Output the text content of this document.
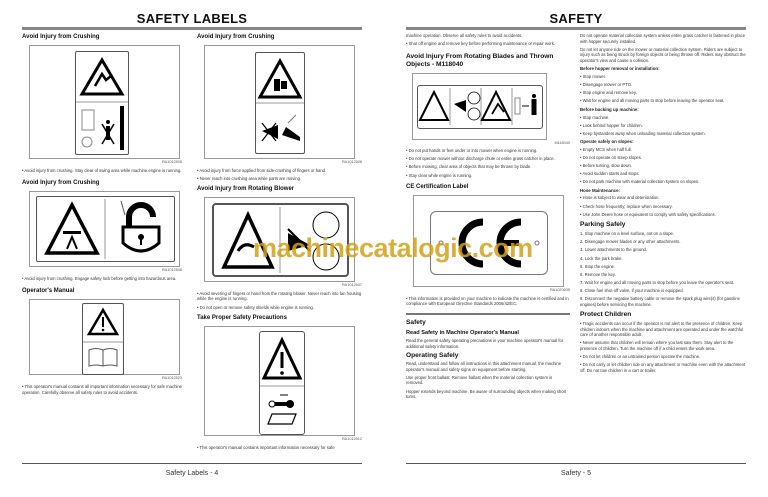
SAFETY LABELS
Avoid Injury from Crushing
RA1012505

• Avoid injury from crushing. Stay clear of swing area while machine engine is running.

Avoid Injury from Crushing
RA1012508

• Avoid injury from crushing. Engage safety lock before getting into hazardous area.

Operator's Manual
RA1012523

• This operator's manual contains all important information necessary for safe machine operation. Carefully observe all safety rules to avoid accidents.

Avoid Injury from Crushing
RA1012506

• Avoid injury from force applied from side-crushing of fingers or hand.

• Never reach into crushing area while parts are moving.

Avoid Injury from Rotating Blower
RA1012507

• Avoid severing of fingers or hand from the rotating blower. Never reach into fan housing while the engine is running.

• Do not open or remove safety shields while engine is running.

Take Proper Safety Precautions
RA1012512

• This operator's manual contains important information necessary for safe

Safety Labels - 4
SAFETY

machine operation. Observe all safety rules to avoid accidents.

• Shut off engine and remove key before performing maintenance or repair work.

Avoid Injury From Rotating Blades and Thrown Objects - M118040
M118040

• Do not put hands or feet under or into mower when engine is running.

• Do not operate mower without discharge chute or entire grass catcher in place.

• Before mowing, clear area of objects that may be thrown by blade.

• Stay clear while engine is running.

CE Certification Label
RA1020635

• This information is provided on your machine to indicate the machine is certified and in compliance with European Directive Standards 2006/42/EC.

Safety
Read Safety in Machine Operator's Manual

Read the general safety operating precautions in your machine operator's manual for additional safety information.

Operating Safely

Read, understand and follow all instructions in this attachment manual, the machine operator's manual and safety signs on equipment before starting.

Use proper front ballast. Remove ballast when the material collection system is removed.

Hopper extends beyond machine. Be aware of surrounding objects when making short turns.

Do not operate material collection system unless entire grass catcher is fastened in place with hopper securely installed.

Do not let anyone ride on the mower or material collection system. Riders are subject to injury such as being struck by foreign objects or being thrown off. Riders may obstruct the operator's view and cause a collision.

Before hopper removal or installation:

• Stop mower.

• Disengage mower or PTO.

• Stop engine and remove key.

• Wait for engine and all moving parts to stop before leaving the operator seat.

Before backing up machine:

• Stop machine.

• Look behind hopper for children.

• Keep bystanders away when unloading material collection system.

Operate safely on slopes:

• Empty MCS when half full.

• Do not operate on steep slopes.

• Before turning, slow down.

• Avoid sudden starts and stops.

• Do not park machine with material collection system on slopes.

Hose Maintenance:

• Hose is subject to wear and deterioration.

• Check hose frequently; replace when necessary.

• Use John Deere hose or equivalent to comply with safety specifications.

Parking Safely

1. Stop machine on a level surface, not on a slope.

2. Disengage mower blades or any other attachments.

3. Lower attachments to the ground.

4. Lock the park brake.

5. Stop the engine.

6. Remove the key.

7. Wait for engine and all moving parts to stop before you leave the operator's seat.

8. Close fuel shut-off valve, if your machine is equipped.

9. Disconnect the negative battery cable or remove the spark plug wire(s) (for gasoline engines) before servicing the machine.

Protect Children

• Tragic accidents can occur if the operator is not alert to the presence of children. Keep children indoors when the machine and attachment are operated and under the watchful care of another responsible adult.

• Never assume that children will remain where you last saw them. Stay alert to the presence of children. Turn the machine off if a child enters the work area.

• Do not let children or an untrained person operate the machine.

• Do not carry or let children ride on any attachment or machine even with the attachment off. Do not tow children in a cart or trailer.

Safety - 5
machinecatalogic.com
